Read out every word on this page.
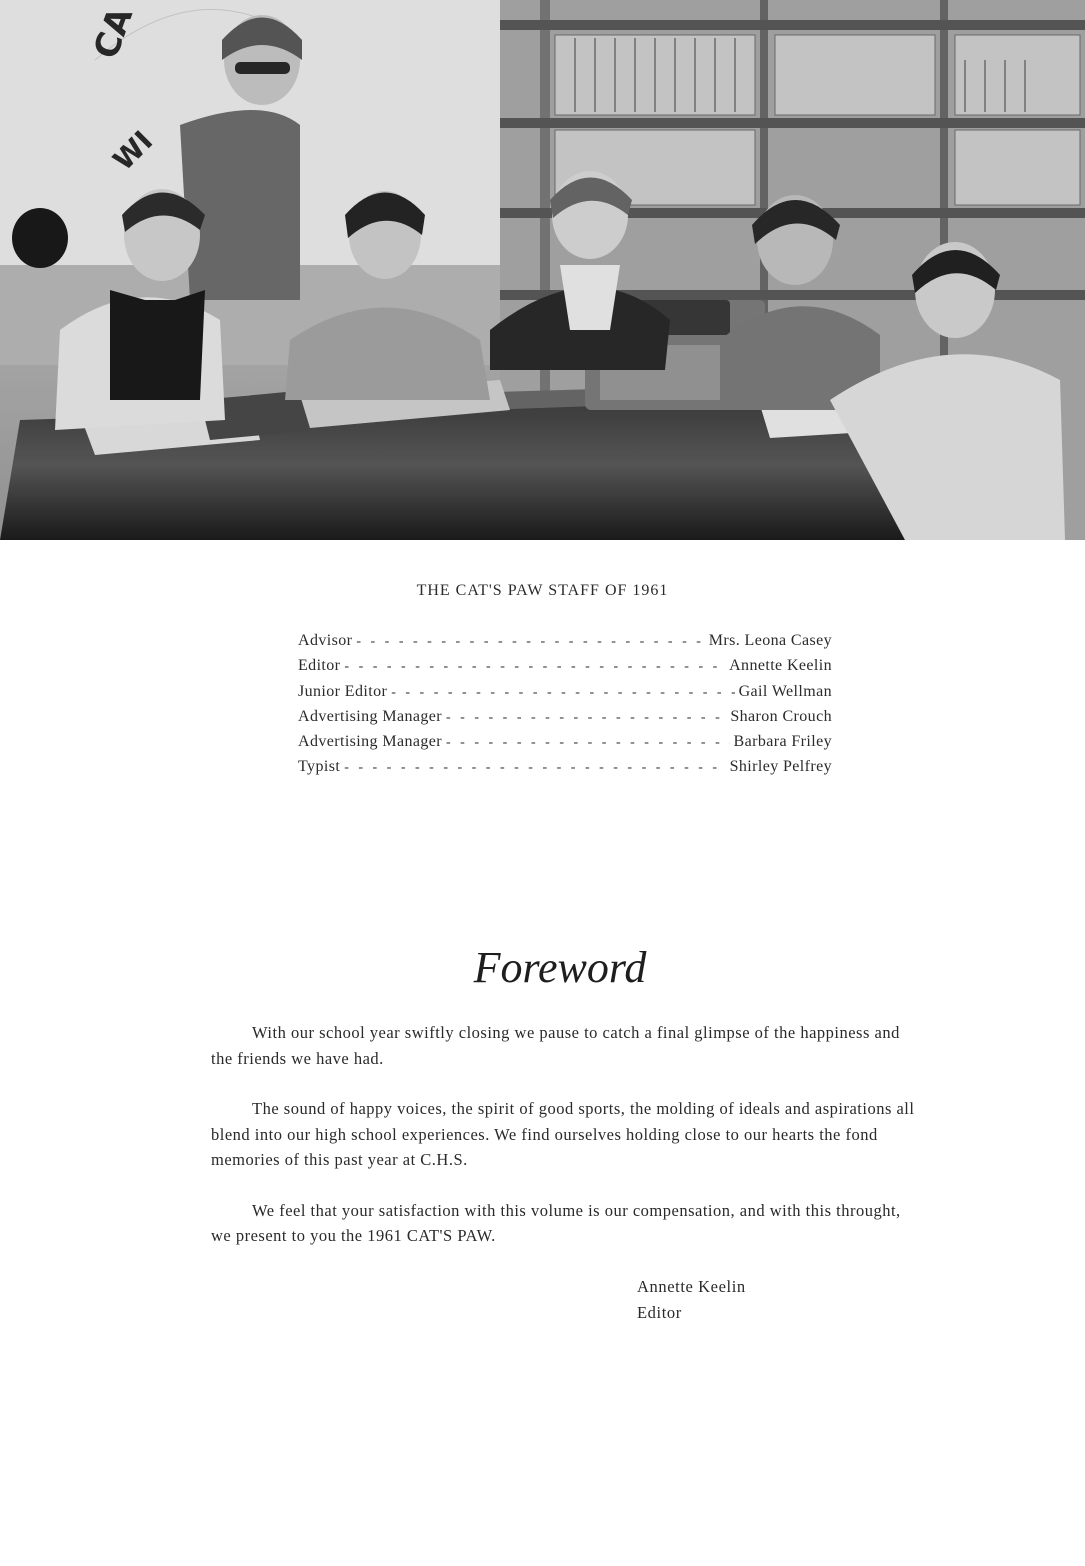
CA
WI
THE CAT'S PAW STAFF OF 1961
Advisor - - -	Mrs. Leona Casey
Editor - - -	Annette Keelin
Junior Editor - - -	Gail Wellman
Advertising Manager - - -	Sharon Crouch
Advertising Manager - - -	Barbara Friley
Typist - - -	Shirley Pelfrey
Foreword

With our school year swiftly closing we pause to catch a final glimpse of the happiness and the friends we have had.

The sound of happy voices, the spirit of good sports, the molding of ideals and aspirations all blend into our high school experiences. We find ourselves holding close to our hearts the fond memories of this past year at C.H.S.

We feel that your satisfaction with this volume is our compensation, and with this throught, we present to you the 1961 CAT'S PAW.

Annette Keelin
Editor
